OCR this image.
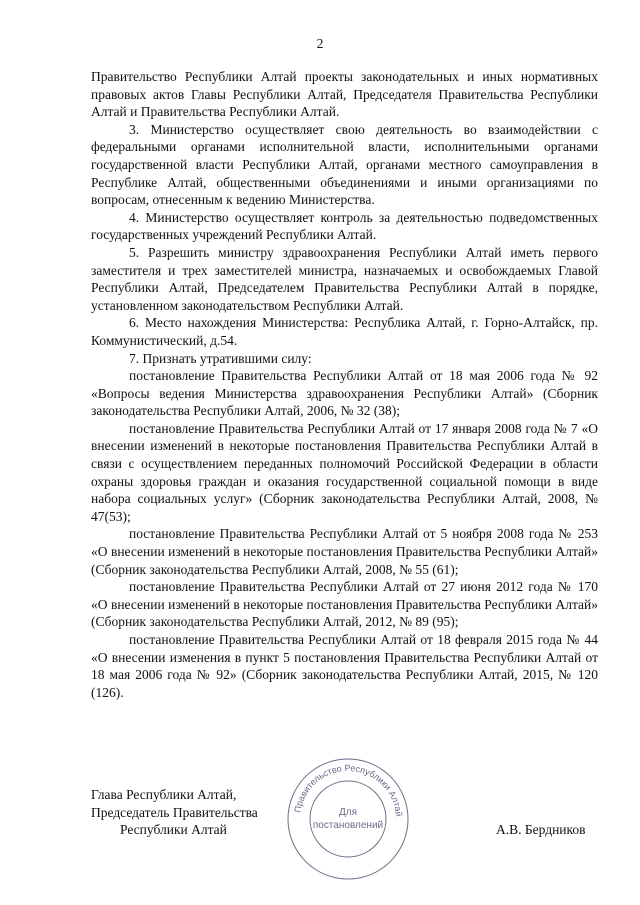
2

Правительство Республики Алтай проекты законодательных и иных нормативных правовых актов Главы Республики Алтай, Председателя Правительства Республики Алтай и Правительства Республики Алтай.

3. Министерство осуществляет свою деятельность во взаимодействии с федеральными органами исполнительной власти, исполнительными органами государственной власти Республики Алтай, органами местного самоуправления в Республике Алтай, общественными объединениями и иными организациями по вопросам, отнесенным к ведению Министерства.

4. Министерство осуществляет контроль за деятельностью подведомственных государственных учреждений Республики Алтай.

5. Разрешить министру здравоохранения Республики Алтай иметь первого заместителя и трех заместителей министра, назначаемых и освобождаемых Главой Республики Алтай, Председателем Правительства Республики Алтай в порядке, установленном законодательством Республики Алтай.

6. Место нахождения Министерства: Республика Алтай, г. Горно-Алтайск, пр. Коммунистический, д.54.

7. Признать утратившими силу:

постановление Правительства Республики Алтай от 18 мая 2006 года № 92 «Вопросы ведения Министерства здравоохранения Республики Алтай» (Сборник законодательства Республики Алтай, 2006, № 32 (38);

постановление Правительства Республики Алтай от 17 января 2008 года № 7 «О внесении изменений в некоторые постановления Правительства Республики Алтай в связи с осуществлением переданных полномочий Российской Федерации в области охраны здоровья граждан и оказания государственной социальной помощи в виде набора социальных услуг» (Сборник законодательства Республики Алтай, 2008, № 47(53);

постановление Правительства Республики Алтай от 5 ноября 2008 года № 253 «О внесении изменений в некоторые постановления Правительства Республики Алтай» (Сборник законодательства Республики Алтай, 2008, № 55 (61);

постановление Правительства Республики Алтай от 27 июня 2012 года № 170 «О внесении изменений в некоторые постановления Правительства Республики Алтай» (Сборник законодательства Республики Алтай, 2012, № 89 (95);

постановление Правительства Республики Алтай от 18 февраля 2015 года № 44 «О внесении изменения в пункт 5 постановления Правительства Республики Алтай от 18 мая 2006 года № 92» (Сборник законодательства Республики Алтай, 2015, № 120 (126).

Глава Республики Алтай,
Председатель Правительства
Республики Алтай	А.В. Бердников
Правительство Республики Алтай
Для
постановлений
